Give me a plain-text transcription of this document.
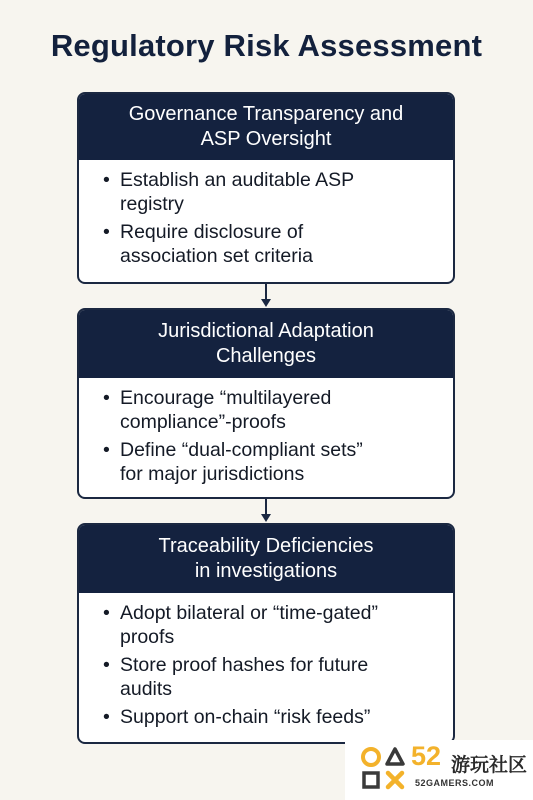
Regulatory Risk Assessment
Governance Transparency and
ASP Oversight
• Establish an auditable ASP
registry
• Require disclosure of
association set criteria
Jurisdictional Adaptation
Challenges
• Encourage “multilayered
compliance”-proofs
• Define “dual-compliant sets”
for major jurisdictions
Traceability Deficiencies
in investigations
• Adopt bilateral or “time-gated”
proofs
• Store proof hashes for future
audits
• Support on-chain “risk feeds”
52 游玩社区
52GAMERS.COM
